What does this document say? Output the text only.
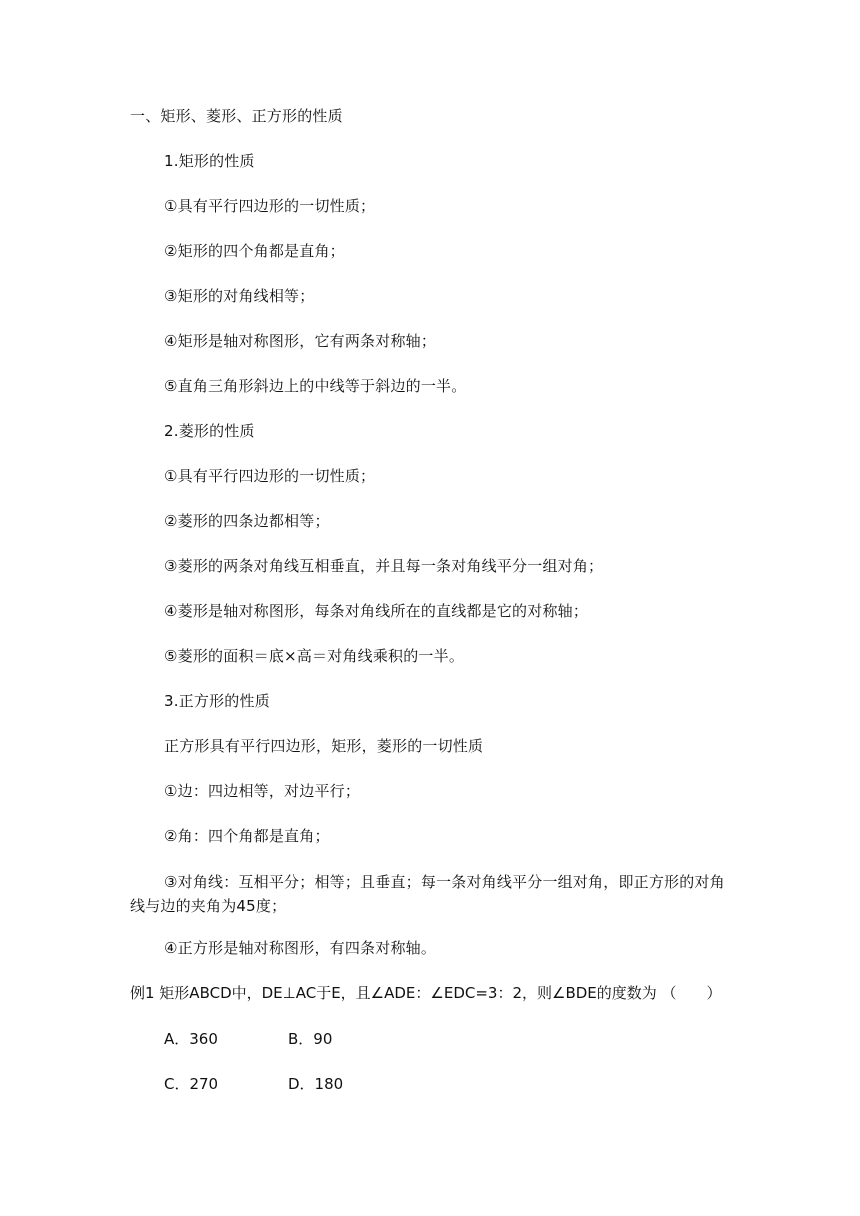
一、矩形、菱形、正方形的性质
1.矩形的性质
①具有平行四边形的一切性质；
②矩形的四个角都是直角；
③矩形的对角线相等；
④矩形是轴对称图形，它有两条对称轴；
⑤直角三角形斜边上的中线等于斜边的一半。
2.菱形的性质
①具有平行四边形的一切性质；
②菱形的四条边都相等；
③菱形的两条对角线互相垂直，并且每一条对角线平分一组对角；
④菱形是轴对称图形，每条对角线所在的直线都是它的对称轴；
⑤菱形的面积＝底×高＝对角线乘积的一半。
3.正方形的性质
正方形具有平行四边形，矩形，菱形的一切性质
①边：四边相等，对边平行；
②角：四个角都是直角；
③对角线：互相平分；相等；且垂直；每一条对角线平分一组对角，即正方形的对角线与边的夹角为45度；
④正方形是轴对称图形，有四条对称轴。
例1 矩形ABCD中，DE⊥AC于E，且∠ADE：∠EDC=3：2，则∠BDE的度数为 （　　）
A．360	B．90
C．270	D．180
